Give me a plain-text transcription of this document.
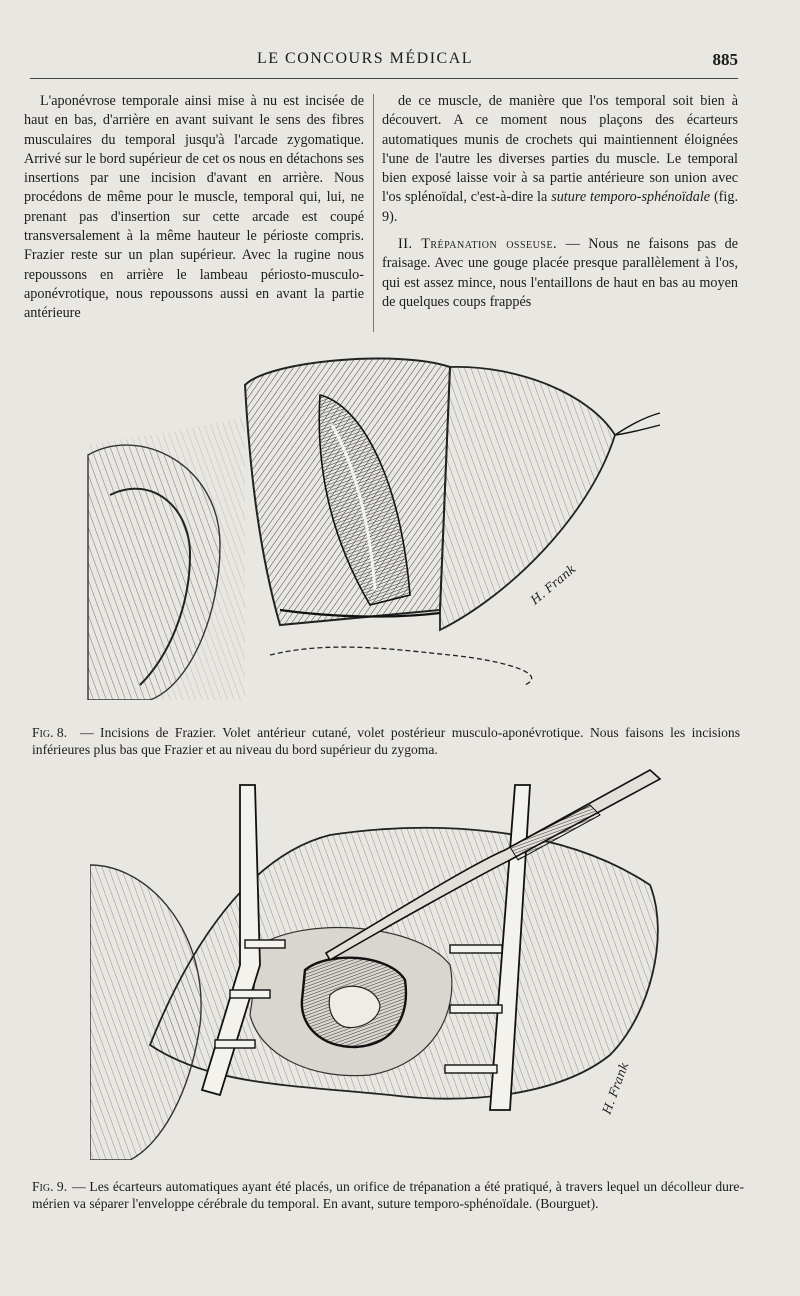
LE CONCOURS MÉDICAL	885

L'aponévrose temporale ainsi mise à nu est incisée de haut en bas, d'arrière en avant suivant le sens des fibres musculaires du temporal jusqu'à l'arcade zygomatique. Arrivé sur le bord supérieur de cet os nous en détachons ses insertions par une incision d'avant en arrière. Nous procédons de même pour le muscle, temporal qui, lui, ne prenant pas d'insertion sur cette arcade est coupé transversalement à la même hauteur le périoste compris. Frazier reste sur un plan supérieur. Avec la rugine nous repoussons en arrière le lambeau périosto-musculo-aponévrotique, nous repoussons aussi en avant la partie antérieure

de ce muscle, de manière que l'os temporal soit bien à découvert. A ce moment nous plaçons des écarteurs automatiques munis de crochets qui maintiennent éloignées l'une de l'autre les diverses parties du muscle. Le temporal bien exposé laisse voir à sa partie antérieure son union avec l'os splénoïdal, c'est-à-dire la suture temporo-sphénoïdale (fig. 9).

II. Trépanation osseuse. — Nous ne faisons pas de fraisage. Avec une gouge placée presque parallèlement à l'os, qui est assez mince, nous l'entaillons de haut en bas au moyen de quelques coups frappés

H. Frank
Fig. 8. — Incisions de Frazier. Volet antérieur cutané, volet postérieur musculo-aponévrotique. Nous faisons les incisions inférieures plus bas que Frazier et au niveau du bord supérieur du zygoma.
H. Frank
Fig. 9. — Les écarteurs automatiques ayant été placés, un orifice de trépanation a été pratiqué, à travers lequel un décolleur dure-mérien va séparer l'enveloppe cérébrale du temporal. En avant, suture temporo-sphénoïdale. (Bourguet).
